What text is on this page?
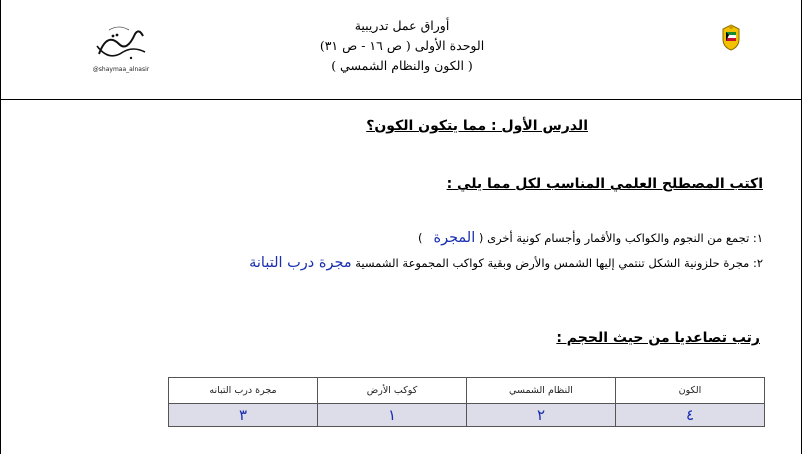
@shaymaa_alnasir
أوراق عمل تدريبية
الوحدة الأولى ( ص ١٦ - ص ٣١)
( الكون والنظام الشمسي )
الدرس الأول : مما يتكون الكون؟
اكتب المصطلح العلمي المناسب لكل مما يلي :
١: تجمع من النجوم والكواكب والأقمار وأجسام كونية أخرى ( المجرة   )
٢: مجرة حلزونية الشكل تنتمي إليها الشمس والأرض وبقية كواكب المجموعة الشمسية مجرة درب التبانة
رتب تصاعديا من حيث الحجم :
الكون	النظام الشمسي	كوكب الأرض	مجرة درب التبانه
٤	٢	١	٣
